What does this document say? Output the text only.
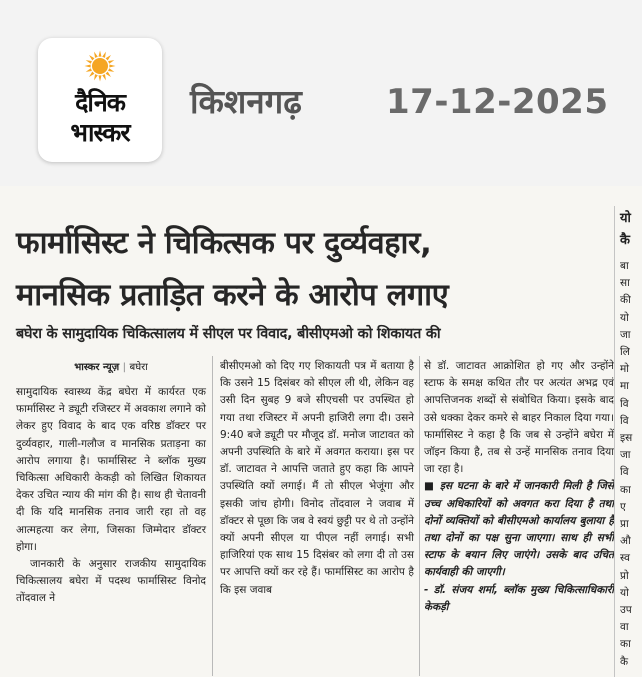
दैनिक
भास्कर
किशनगढ़ 17-12-2025
फार्मासिस्ट ने चिकित्सक पर दुर्व्यवहार,
मानसिक प्रताड़ित करने के आरोप लगाए
बघेरा के सामुदायिक चिकित्सालय में सीएल पर विवाद, बीसीएमओ को शिकायत की
भास्कर न्यूज़ | बघेरा
सामुदायिक स्वास्थ्य केंद्र बघेरा में कार्यरत एक फार्मासिस्ट ने ड्यूटी रजिस्टर में अवकाश लगाने को लेकर हुए विवाद के बाद एक वरिष्ठ डॉक्टर पर दुर्व्यवहार, गाली-गलौज व मानसिक प्रताड़ना का आरोप लगाया है। फार्मासिस्ट ने ब्लॉक मुख्य चिकित्सा अधिकारी केकड़ी को लिखित शिकायत देकर उचित न्याय की मांग की है। साथ ही चेतावनी दी कि यदि मानसिक तनाव जारी रहा तो वह आत्महत्या कर लेगा, जिसका जिम्मेदार डॉक्टर होगा।
जानकारी के अनुसार राजकीय सामुदायिक चिकित्सालय बघेरा में पदस्थ फार्मासिस्ट विनोद तोंदवाल ने
बीसीएमओ को दिए गए शिकायती पत्र में बताया है कि उसने 15 दिसंबर को सीएल ली थी, लेकिन वह उसी दिन सुबह 9 बजे सीएचसी पर उपस्थित हो गया तथा रजिस्टर में अपनी हाजिरी लगा दी। उसने 9:40 बजे ड्यूटी पर मौजूद डॉ. मनोज जाटावत को अपनी उपस्थिति के बारे में अवगत कराया। इस पर डॉ. जाटावत ने आपत्ति जताते हुए कहा कि आपने उपस्थिति क्यों लगाई। मैं तो सीएल भेजूंगा और इसकी जांच होगी। विनोद तोंदवाल ने जवाब में डॉक्टर से पूछा कि जब वे स्वयं छुट्टी पर थे तो उन्होंने क्यों अपनी सीएल या पीएल नहीं लगाई। सभी हाजिरियां एक साथ 15 दिसंबर को लगा दी तो उस पर आपत्ति क्यों कर रहे हैं। फार्मासिस्ट का आरोप है कि इस जवाब
से डॉ. जाटावत आक्रोशित हो गए और उन्होंने स्टाफ के समक्ष कथित तौर पर अत्यंत अभद्र एवं आपत्तिजनक शब्दों से संबोधित किया। इसके बाद उसे धक्का देकर कमरे से बाहर निकाल दिया गया। फार्मासिस्ट ने कहा है कि जब से उन्होंने बघेरा में जॉइन किया है, तब से उन्हें मानसिक तनाव दिया जा रहा है।
■ इस घटना के बारे में जानकारी मिली है जिसे उच्च अधिकारियों को अवगत करा दिया है तथा दोनों व्यक्तियों को बीसीएमओ कार्यालय बुलाया है तथा दोनों का पक्ष सुना जाएगा। साथ ही सभी स्टाफ के बयान लिए जाएंगे। उसके बाद उचित कार्यवाही की जाएगी।
- डॉ. संजय शर्मा, ब्लॉक मुख्य चिकित्साधिकारी केकड़ी
यो
कै
बा
सा
की
यो
जा
लि
मो
मा
वि
वि
इस
जा
वि
का
ए
प्रा
औ
स्व
प्रो
यो
उप
वा
का
कै
